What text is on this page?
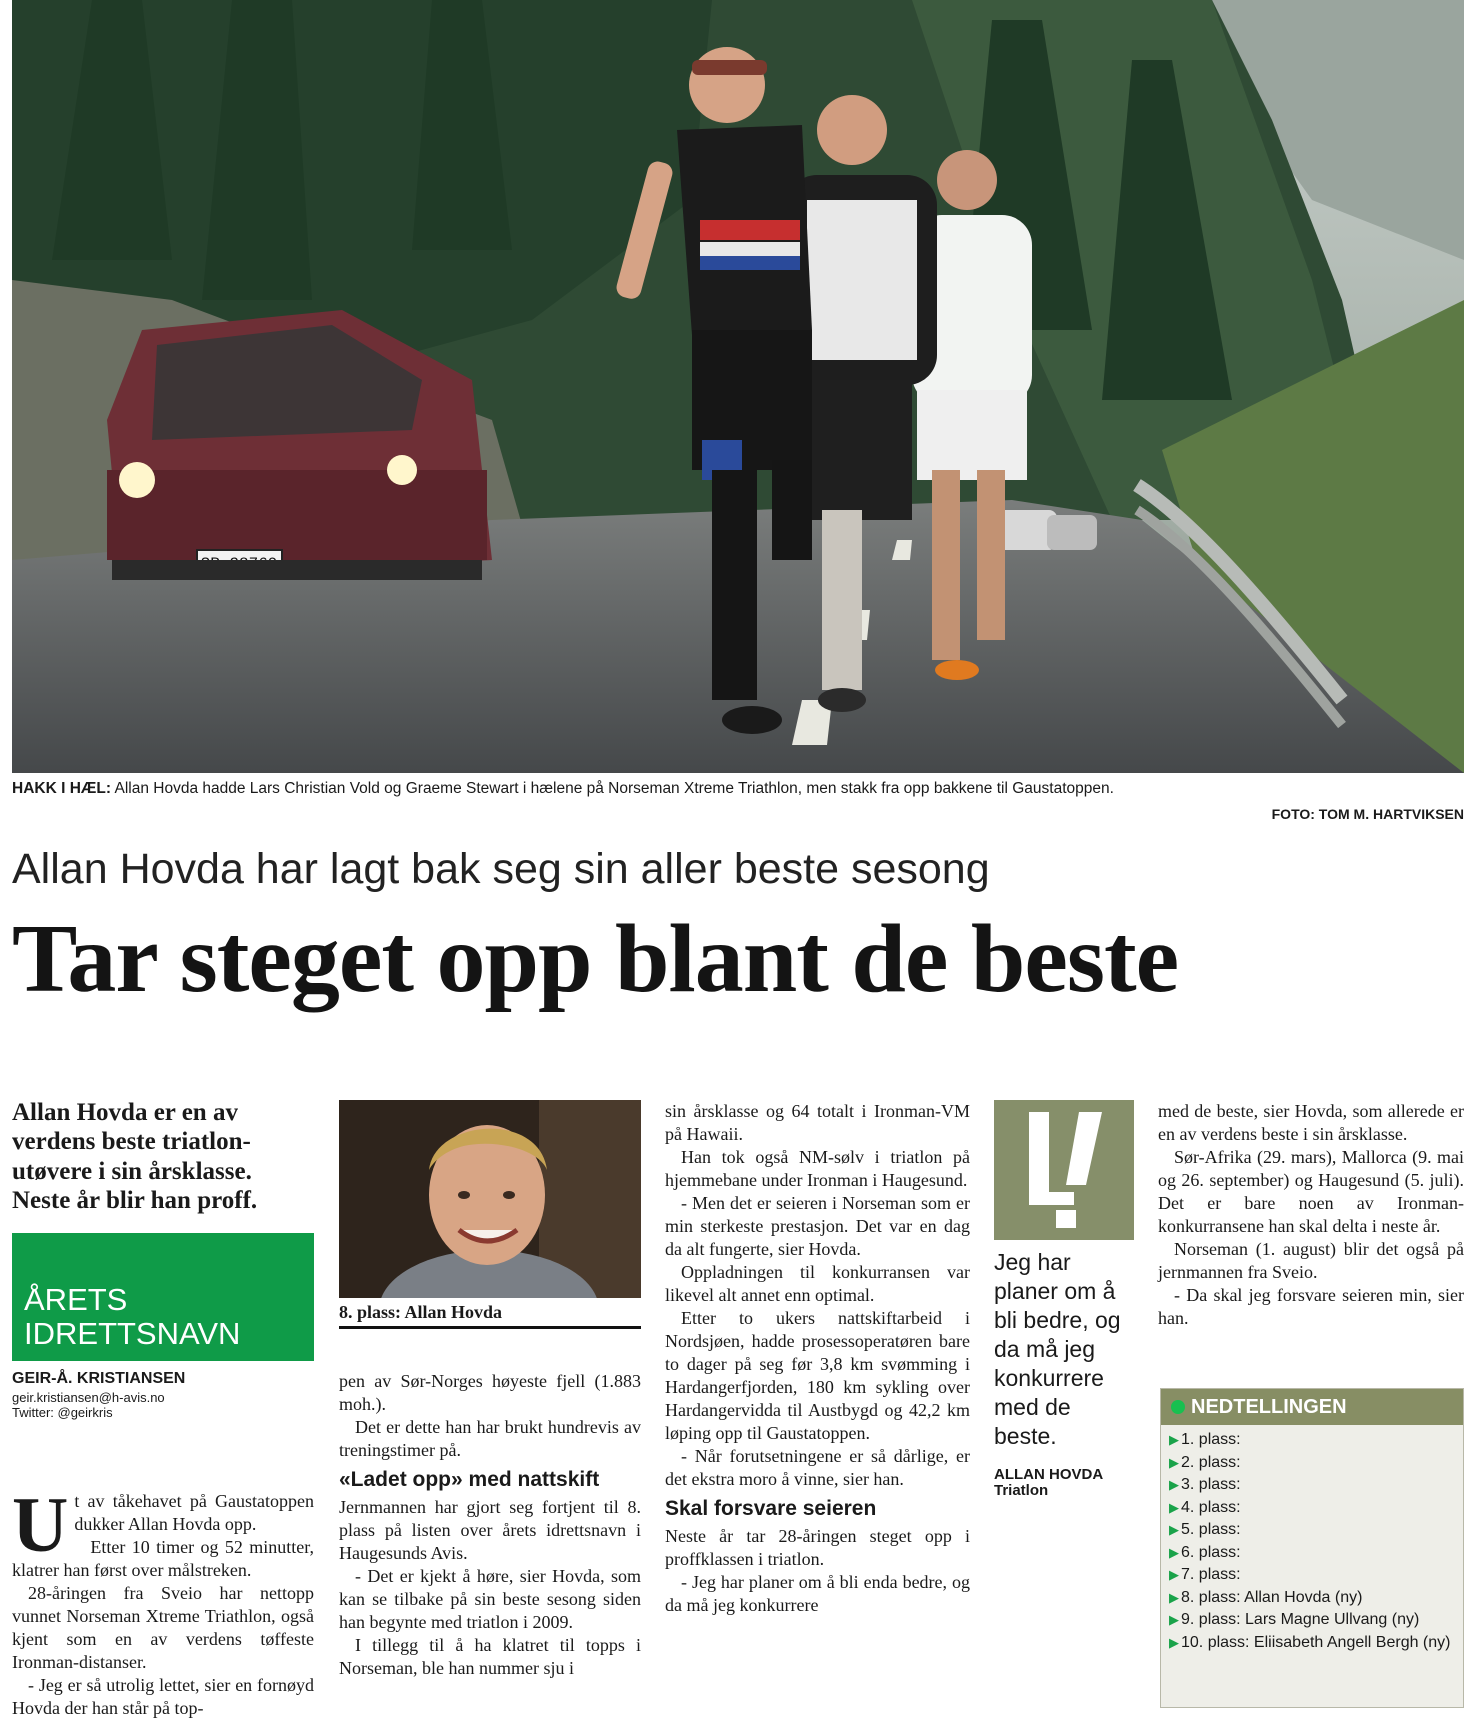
HAKK I HÆL: Allan Hovda hadde Lars Christian Vold og Graeme Stewart i hælene på Norseman Xtreme Triathlon, men stakk fra opp bakkene til Gaustatoppen.
FOTO: TOM M. HARTVIKSEN
Allan Hovda har lagt bak seg sin aller beste sesong
Tar steget opp blant de beste
Allan Hovda er en av verdens beste triatlon-utøvere i sin årsklasse. Neste år blir han proff.
ÅRETS
IDRETTSNAVN
GEIR-Å. KRISTIANSEN
geir.kristiansen@h-avis.no
Twitter: @geirkris
U t av tåkehavet på Gaustatoppen dukker Allan Hovda opp.

Etter 10 timer og 52 minutter, klatrer han først over målstreken.

28-åringen fra Sveio har nettopp vunnet Norseman Xtreme Triathlon, også kjent som en av verdens tøffeste Ironman-distanser.

- Jeg er så utrolig lettet, sier en fornøyd Hovda der han står på top-

8. plass: Allan Hovda

pen av Sør-Norges høyeste fjell (1.883 moh.).

Det er dette han har brukt hundrevis av treningstimer på.

«Ladet opp» med nattskift

Jernmannen har gjort seg fortjent til 8. plass på listen over årets idrettsnavn i Haugesunds Avis.

- Det er kjekt å høre, sier Hovda, som kan se tilbake på sin beste sesong siden han begynte med triatlon i 2009.

I tillegg til å ha klatret til topps i Norseman, ble han nummer sju i

sin årsklasse og 64 totalt i Ironman-VM på Hawaii.

Han tok også NM-sølv i triatlon på hjemmebane under Ironman i Haugesund.

- Men det er seieren i Norseman som er min sterkeste prestasjon. Det var en dag da alt fungerte, sier Hovda.

Oppladningen til konkurransen var likevel alt annet enn optimal.

Etter to ukers nattskiftarbeid i Nordsjøen, hadde prosessoperatøren bare to dager på seg før 3,8 km svømming i Hardangerfjorden, 180 km sykling over Hardangervidda til Austbygd og 42,2 km løping opp til Gaustatoppen.

- Når forutsetningene er så dårlige, er det ekstra moro å vinne, sier han.

Skal forsvare seieren

Neste år tar 28-åringen steget opp i proffklassen i triatlon.

- Jeg har planer om å bli enda bedre, og da må jeg konkurrere

Jeg har planer om å bli bedre, og da må jeg konkurrere med de beste.
ALLAN HOVDA
Triatlon

med de beste, sier Hovda, som allerede er en av verdens beste i sin årsklasse.

Sør-Afrika (29. mars), Mallorca (9. mai og 26. september) og Haugesund (5. juli). Det er bare noen av Ironman-konkurransene han skal delta i neste år.

Norseman (1. august) blir det også på jernmannen fra Sveio.

- Da skal jeg forsvare seieren min, sier han.

NEDTELLINGEN
▶ 1. plass:
▶ 2. plass:
▶ 3. plass:
▶ 4. plass:
▶ 5. plass:
▶ 6. plass:
▶ 7. plass:
▶ 8. plass: Allan Hovda (ny)
▶ 9. plass: Lars Magne Ullvang (ny)
▶ 10. plass: Eliisabeth Angell Bergh (ny)
